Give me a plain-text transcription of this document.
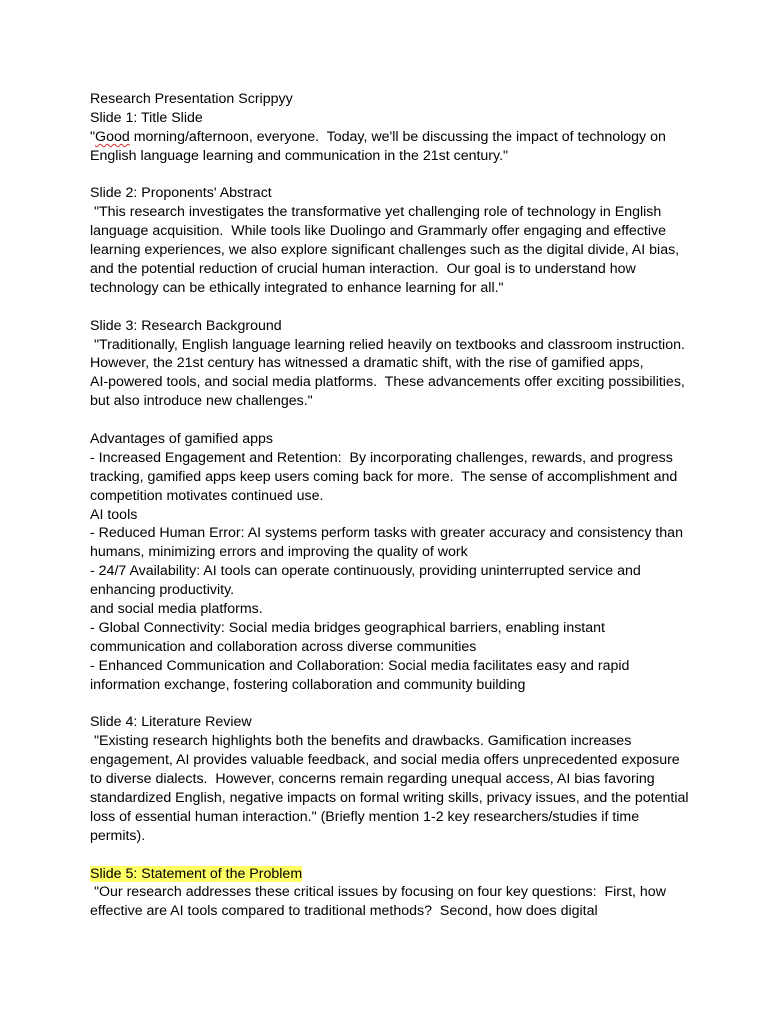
Research Presentation Scrippyy
Slide 1: Title Slide
"Good morning/afternoon, everyone.  Today, we'll be discussing the impact of technology on
English language learning and communication in the 21st century."
Slide 2: Proponents' Abstract
"This research investigates the transformative yet challenging role of technology in English
language acquisition.  While tools like Duolingo and Grammarly offer engaging and effective
learning experiences, we also explore significant challenges such as the digital divide, AI bias,
and the potential reduction of crucial human interaction.  Our goal is to understand how
technology can be ethically integrated to enhance learning for all."
Slide 3: Research Background
"Traditionally, English language learning relied heavily on textbooks and classroom instruction.
However, the 21st century has witnessed a dramatic shift, with the rise of gamified apps,
AI-powered tools, and social media platforms.  These advancements offer exciting possibilities,
but also introduce new challenges."
Advantages of gamified apps
- Increased Engagement and Retention:  By incorporating challenges, rewards, and progress
tracking, gamified apps keep users coming back for more.  The sense of accomplishment and
competition motivates continued use.
AI tools
- Reduced Human Error: AI systems perform tasks with greater accuracy and consistency than
humans, minimizing errors and improving the quality of work
- 24/7 Availability: AI tools can operate continuously, providing uninterrupted service and
enhancing productivity.
and social media platforms.
- Global Connectivity: Social media bridges geographical barriers, enabling instant
communication and collaboration across diverse communities
- Enhanced Communication and Collaboration: Social media facilitates easy and rapid
information exchange, fostering collaboration and community building
Slide 4: Literature Review
"Existing research highlights both the benefits and drawbacks. Gamification increases
engagement, AI provides valuable feedback, and social media offers unprecedented exposure
to diverse dialects.  However, concerns remain regarding unequal access, AI bias favoring
standardized English, negative impacts on formal writing skills, privacy issues, and the potential
loss of essential human interaction." (Briefly mention 1-2 key researchers/studies if time
permits).
Slide 5: Statement of the Problem
"Our research addresses these critical issues by focusing on four key questions:  First, how
effective are AI tools compared to traditional methods?  Second, how does digital
